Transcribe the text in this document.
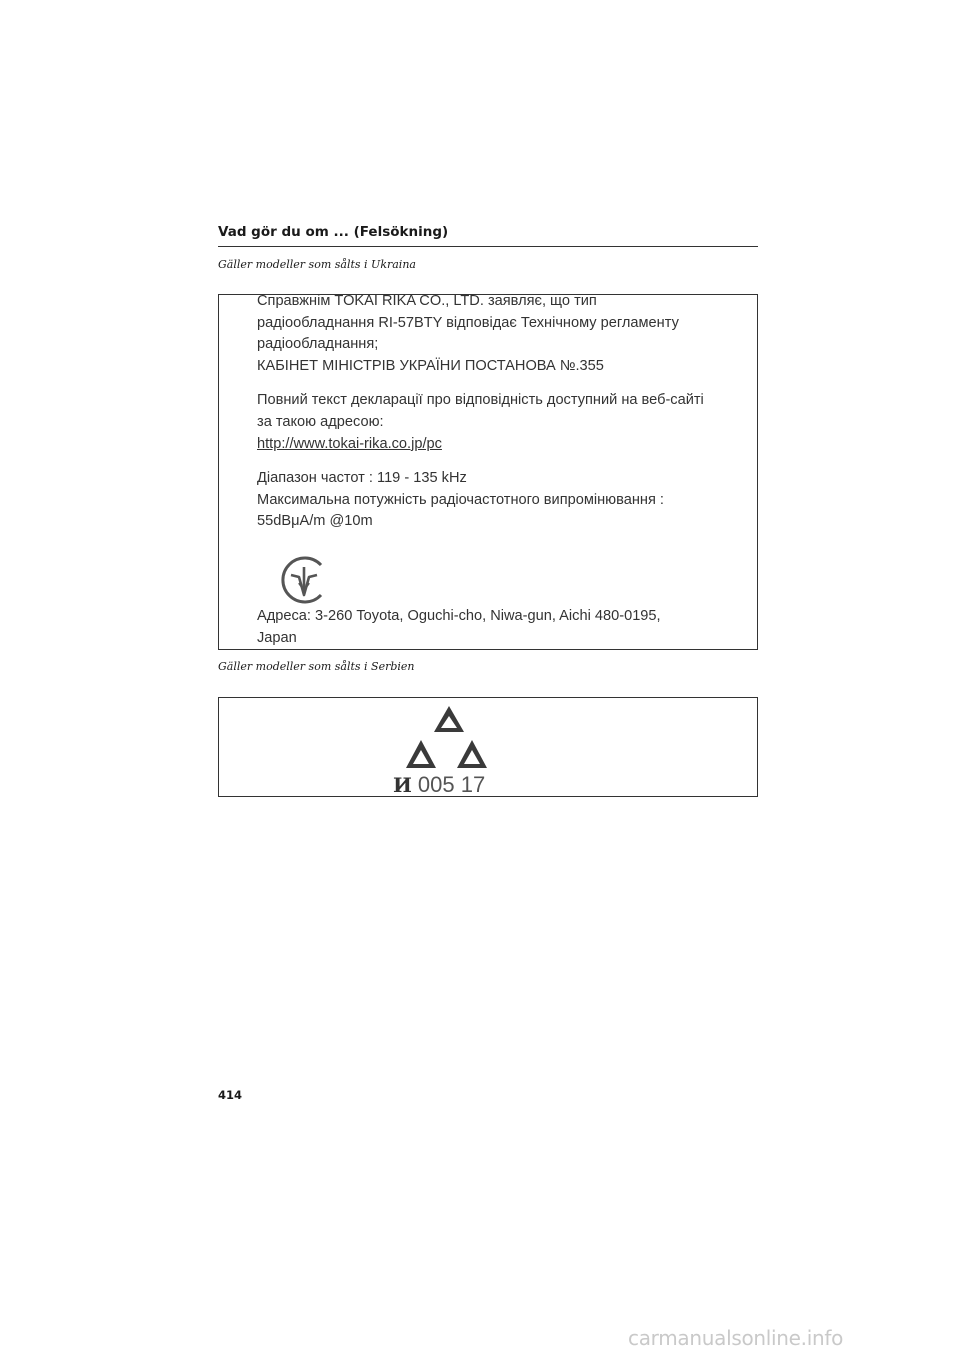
Vad gör du om ... (Felsökning)
Gäller modeller som sålts i Ukraina

Справжнім TOKAI RIKA CO., LTD. заявляє, що тип

радіообладнання RI-57BTY відповідає Технічному регламенту

радіообладнання;

КАБІНЕТ МІНІСТРІВ УКРАЇНИ ПОСТАНОВА №.355

Повний текст декларації про відповідність доступний на веб-сайті

за такою адресою:

http://www.tokai-rika.co.jp/pc

Діапазон частот : 119 - 135 kHz

Максимальна потужність радіочастотного випромінювання :

55dBμA/m @10m

Адреса: 3-260 Toyota, Oguchi-cho, Niwa-gun, Aichi 480-0195,

Japan

Gäller modeller som sålts i Serbien
И 005 17
414
carmanualsonline.info
